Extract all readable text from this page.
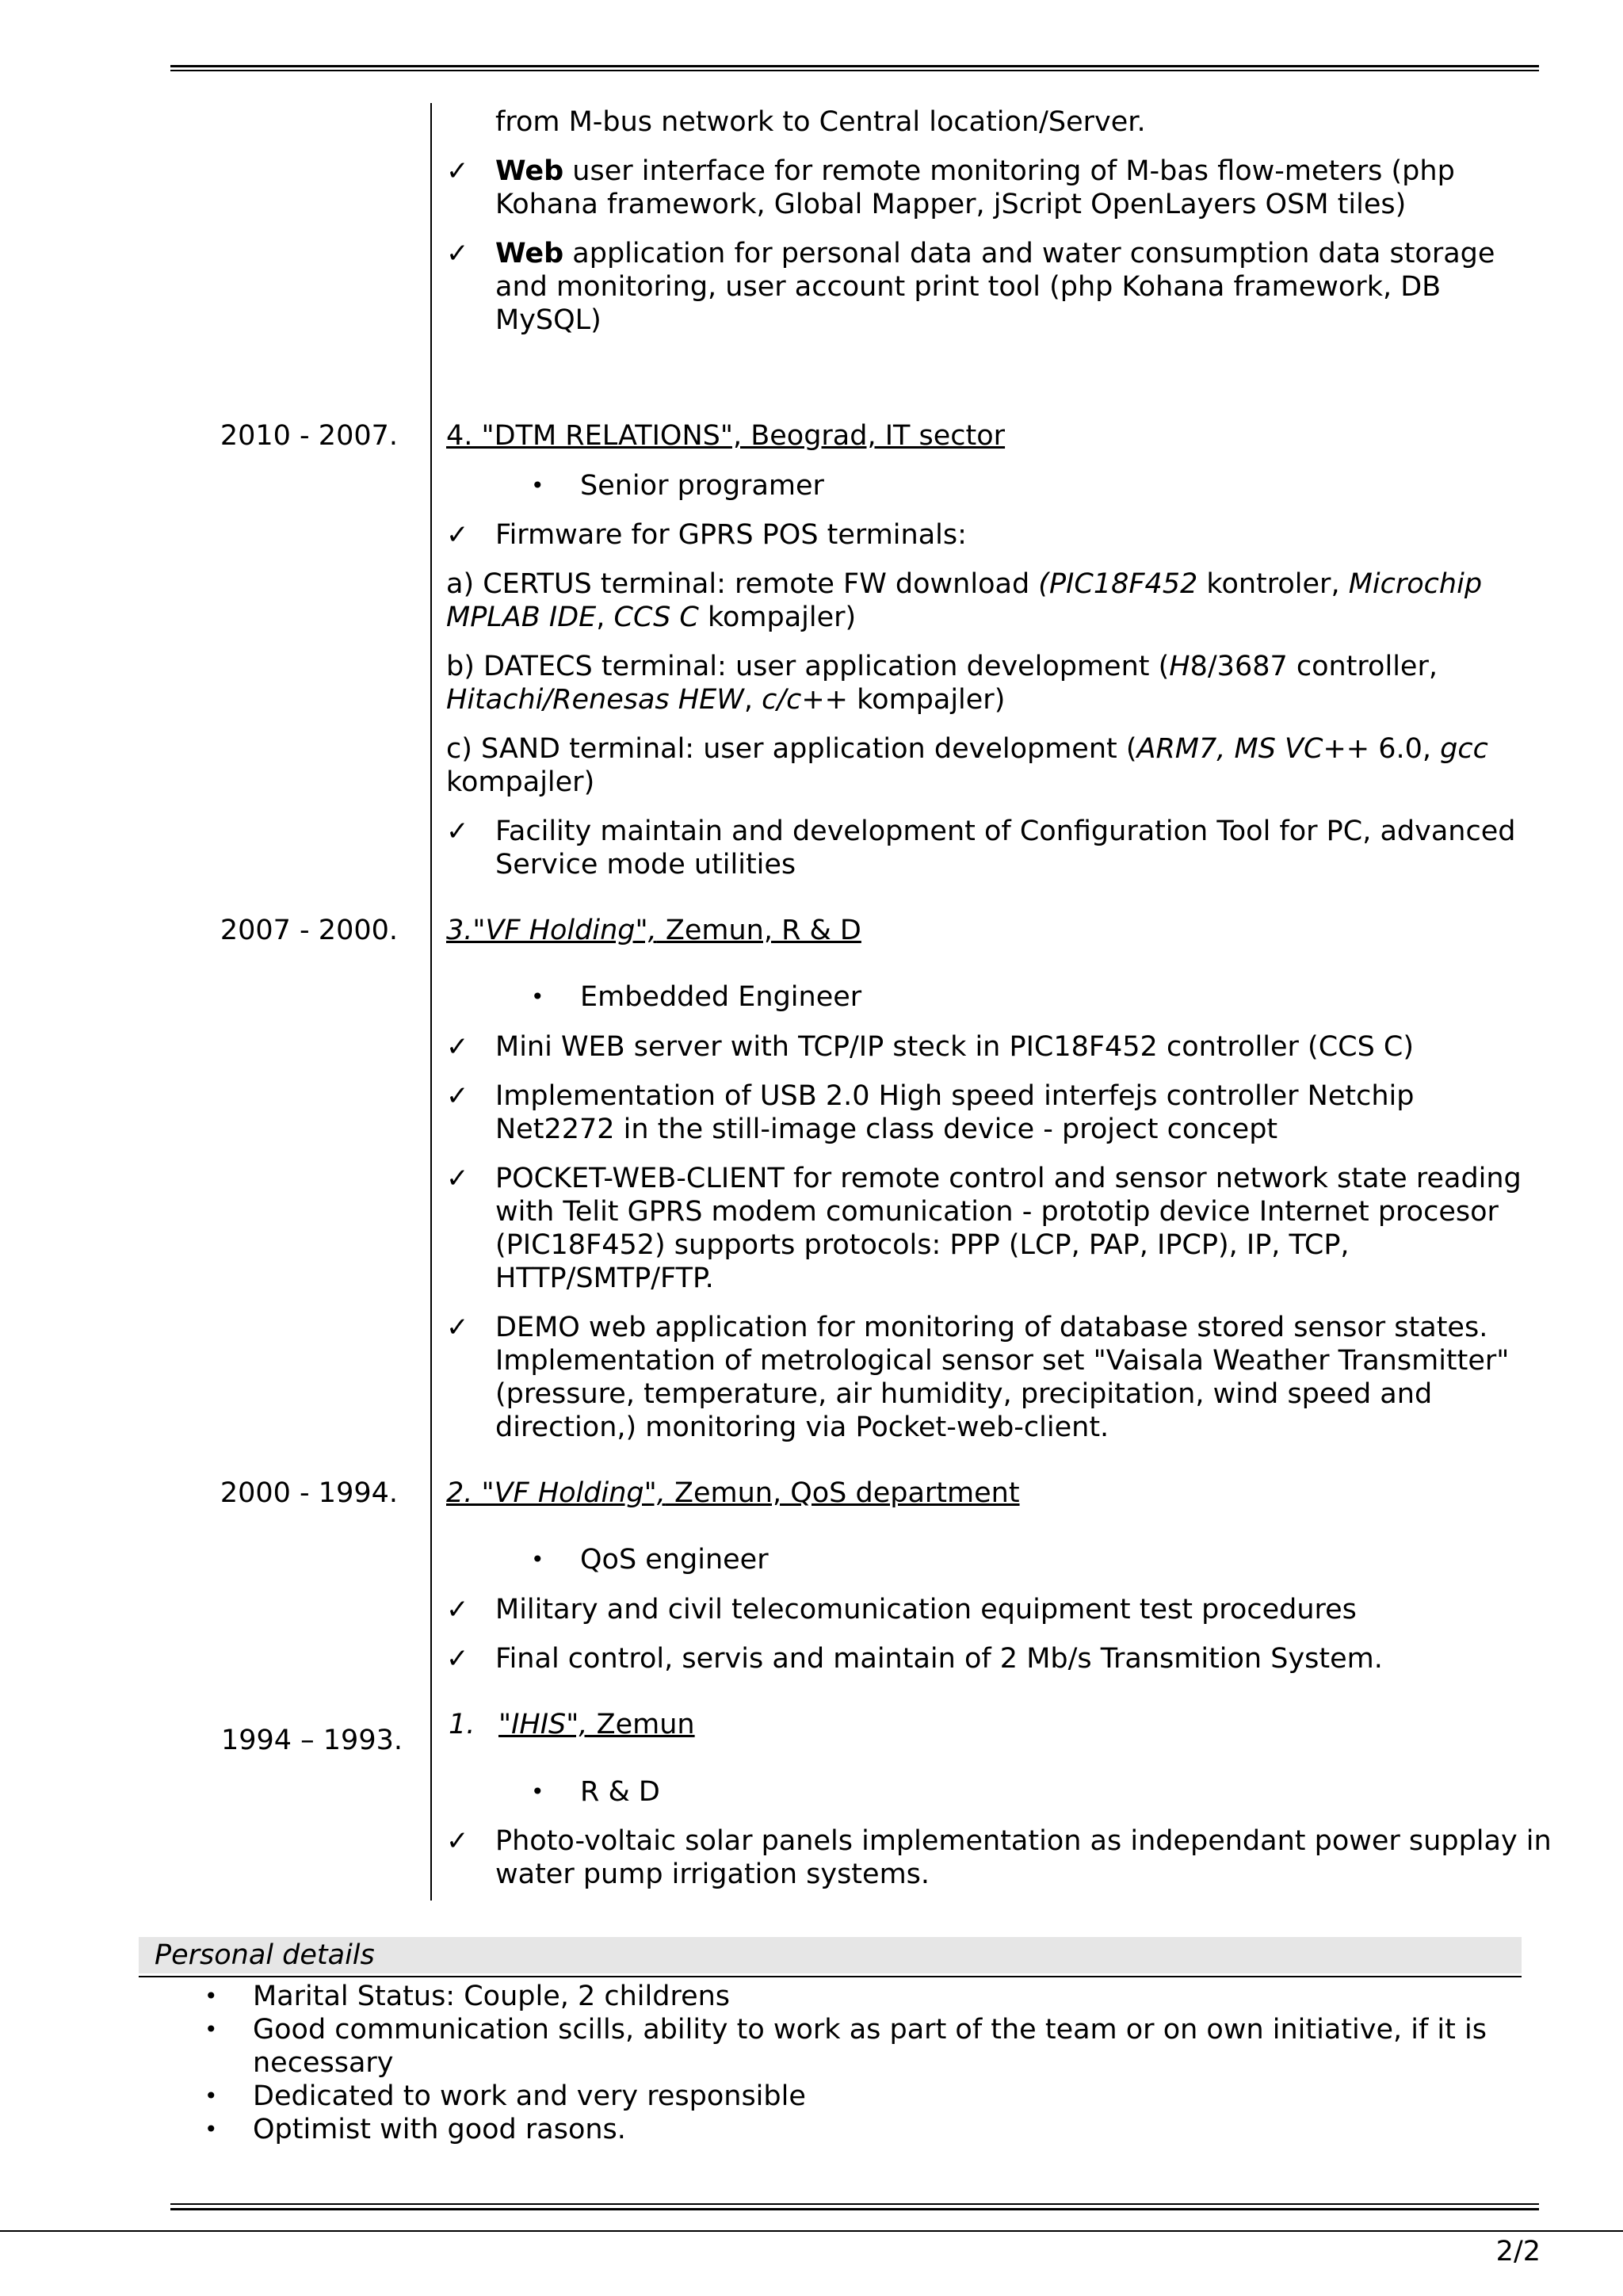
from M-bus network to Central location/Server.
✓ Web user interface for remote monitoring of M-bas flow-meters (php
Kohana framework, Global Mapper, jScript OpenLayers OSM tiles)
✓ Web application for personal data and water consumption data storage
and monitoring, user account print tool (php Kohana framework, DB
MySQL)
2010 - 2007. 4. "DTM RELATIONS", Beograd, IT sector
• Senior programer
✓ Firmware for GPRS POS terminals:
a) CERTUS terminal: remote FW download (PIC18F452 kontroler, Microchip
MPLAB IDE, CCS C kompajler)
b) DATECS terminal: user application development (H8/3687 controller,
Hitachi/Renesas HEW, c/c++ kompajler)
c) SAND terminal: user application development (ARM7, MS VC++ 6.0, gcc
kompajler)
✓ Facility maintain and development of Configuration Tool for PC, advanced
Service mode utilities
2007 - 2000. 3."VF Holding", Zemun, R & D
• Embedded Engineer
✓ Mini WEB server with TCP/IP steck in PIC18F452 controller (CCS C)
✓ Implementation of USB 2.0 High speed interfejs controller Netchip
Net2272 in the still-image class device - project concept
✓ POCKET-WEB-CLIENT for remote control and sensor network state reading
with Telit GPRS modem comunication - prototip device Internet procesor
(PIC18F452) supports protocols: PPP (LCP, PAP, IPCP), IP, TCP,
HTTP/SMTP/FTP.
✓ DEMO web application for monitoring of database stored sensor states.
Implementation of metrological sensor set "Vaisala Weather Transmitter"
(pressure, temperature, air humidity, precipitation, wind speed and
direction,) monitoring via Pocket-web-client.
2000 - 1994. 2. "VF Holding", Zemun, QoS department
• QoS engineer
✓ Military and civil telecomunication equipment test procedures
✓ Final control, servis and maintain of 2 Mb/s Transmition System.
1994 – 1993. 1. "IHIS", Zemun
• R & D
✓ Photo-voltaic solar panels implementation as independant power supplay in
water pump irrigation systems.
Personal details
• Marital Status: Couple, 2 childrens
• Good communication scills, ability to work as part of the team or on own initiative, if it is
necessary
• Dedicated to work and very responsible
• Optimist with good rasons.
2/2
